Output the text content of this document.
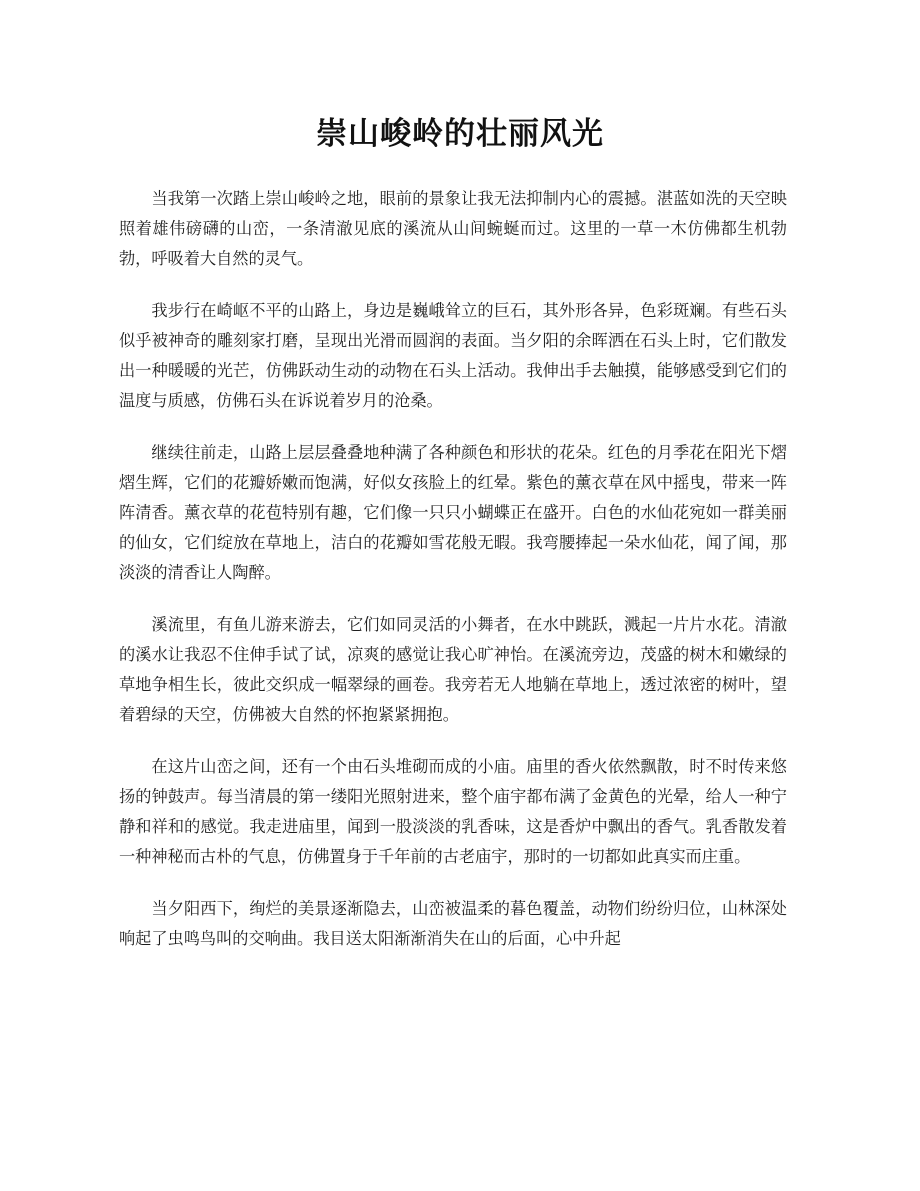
崇山峻岭的壮丽风光

当我第一次踏上崇山峻岭之地，眼前的景象让我无法抑制内心的震撼。湛蓝如洗的天空映照着雄伟磅礴的山峦，一条清澈见底的溪流从山间蜿蜒而过。这里的一草一木仿佛都生机勃勃，呼吸着大自然的灵气。

我步行在崎岖不平的山路上，身边是巍峨耸立的巨石，其外形各异，色彩斑斓。有些石头似乎被神奇的雕刻家打磨，呈现出光滑而圆润的表面。当夕阳的余晖洒在石头上时，它们散发出一种暖暖的光芒，仿佛跃动生动的动物在石头上活动。我伸出手去触摸，能够感受到它们的温度与质感，仿佛石头在诉说着岁月的沧桑。

继续往前走，山路上层层叠叠地种满了各种颜色和形状的花朵。红色的月季花在阳光下熠熠生辉，它们的花瓣娇嫩而饱满，好似女孩脸上的红晕。紫色的薰衣草在风中摇曳，带来一阵阵清香。薰衣草的花苞特别有趣，它们像一只只小蝴蝶正在盛开。白色的水仙花宛如一群美丽的仙女，它们绽放在草地上，洁白的花瓣如雪花般无暇。我弯腰捧起一朵水仙花，闻了闻，那淡淡的清香让人陶醉。

溪流里，有鱼儿游来游去，它们如同灵活的小舞者，在水中跳跃，溅起一片片水花。清澈的溪水让我忍不住伸手试了试，凉爽的感觉让我心旷神怡。在溪流旁边，茂盛的树木和嫩绿的草地争相生长，彼此交织成一幅翠绿的画卷。我旁若无人地躺在草地上，透过浓密的树叶，望着碧绿的天空，仿佛被大自然的怀抱紧紧拥抱。

在这片山峦之间，还有一个由石头堆砌而成的小庙。庙里的香火依然飘散，时不时传来悠扬的钟鼓声。每当清晨的第一缕阳光照射进来，整个庙宇都布满了金黄色的光晕，给人一种宁静和祥和的感觉。我走进庙里，闻到一股淡淡的乳香味，这是香炉中飘出的香气。乳香散发着一种神秘而古朴的气息，仿佛置身于千年前的古老庙宇，那时的一切都如此真实而庄重。

当夕阳西下，绚烂的美景逐渐隐去，山峦被温柔的暮色覆盖，动物们纷纷归位，山林深处响起了虫鸣鸟叫的交响曲。我目送太阳渐渐消失在山的后面，心中升起
